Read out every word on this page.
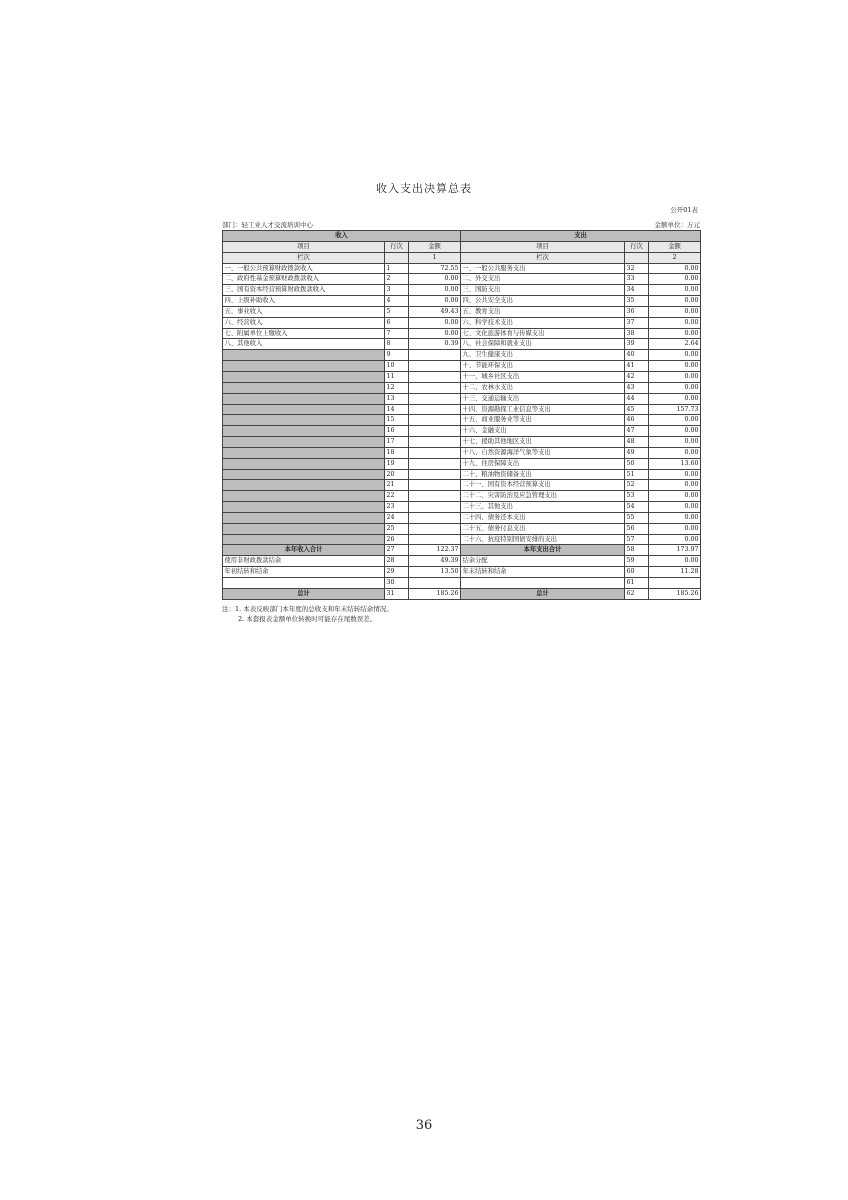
收入支出决算总表
公开01表
部门：轻工业人才交流培训中心	金额单位：万元
收入			支出		
项目	行次	金额	项目	行次	金额
栏次		1	栏次		2
一、一般公共预算财政拨款收入	1	72.55	一、一般公共服务支出	32	0.00
二、政府性基金预算财政拨款收入	2	0.00	二、外交支出	33	0.00
三、国有资本经营预算财政拨款收入	3	0.00	三、国防支出	34	0.00
四、上级补助收入	4	0.00	四、公共安全支出	35	0.00
五、事业收入	5	49.43	五、教育支出	36	0.00
六、经营收入	6	0.00	六、科学技术支出	37	0.00
七、附属单位上缴收入	7	0.00	七、文化旅游体育与传媒支出	38	0.00
八、其他收入	8	0.39	八、社会保障和就业支出	39	2.64
	9		九、卫生健康支出	40	0.00
	10		十、节能环保支出	41	0.00
	11		十一、城乡社区支出	42	0.00
	12		十二、农林水支出	43	0.00
	13		十三、交通运输支出	44	0.00
	14		十四、资源勘探工业信息等支出	45	157.73
	15		十五、商业服务业等支出	46	0.00
	16		十六、金融支出	47	0.00
	17		十七、援助其他地区支出	48	0.00
	18		十八、自然资源海洋气象等支出	49	0.00
	19		十九、住房保障支出	50	13.60
	20		二十、粮油物资储备支出	51	0.00
	21		二十一、国有资本经营预算支出	52	0.00
	22		二十二、灾害防治及应急管理支出	53	0.00
	23		二十三、其他支出	54	0.00
	24		二十四、债务还本支出	55	0.00
	25		二十五、债务付息支出	56	0.00
	26		二十六、抗疫特别国债安排的支出	57	0.00
本年收入合计	27	122.37	本年支出合计	58	173.97
使用非财政拨款结余	28	49.39	结余分配	59	0.00
年初结转和结余	29	13.50	年末结转和结余	60	11.28
	30			61	
总计	31	185.26	总计	62	185.26
注：1. 本表反映部门本年度的总收支和年末结转结余情况。
2. 本套报表金额单位转换时可能存在尾数误差。
36
